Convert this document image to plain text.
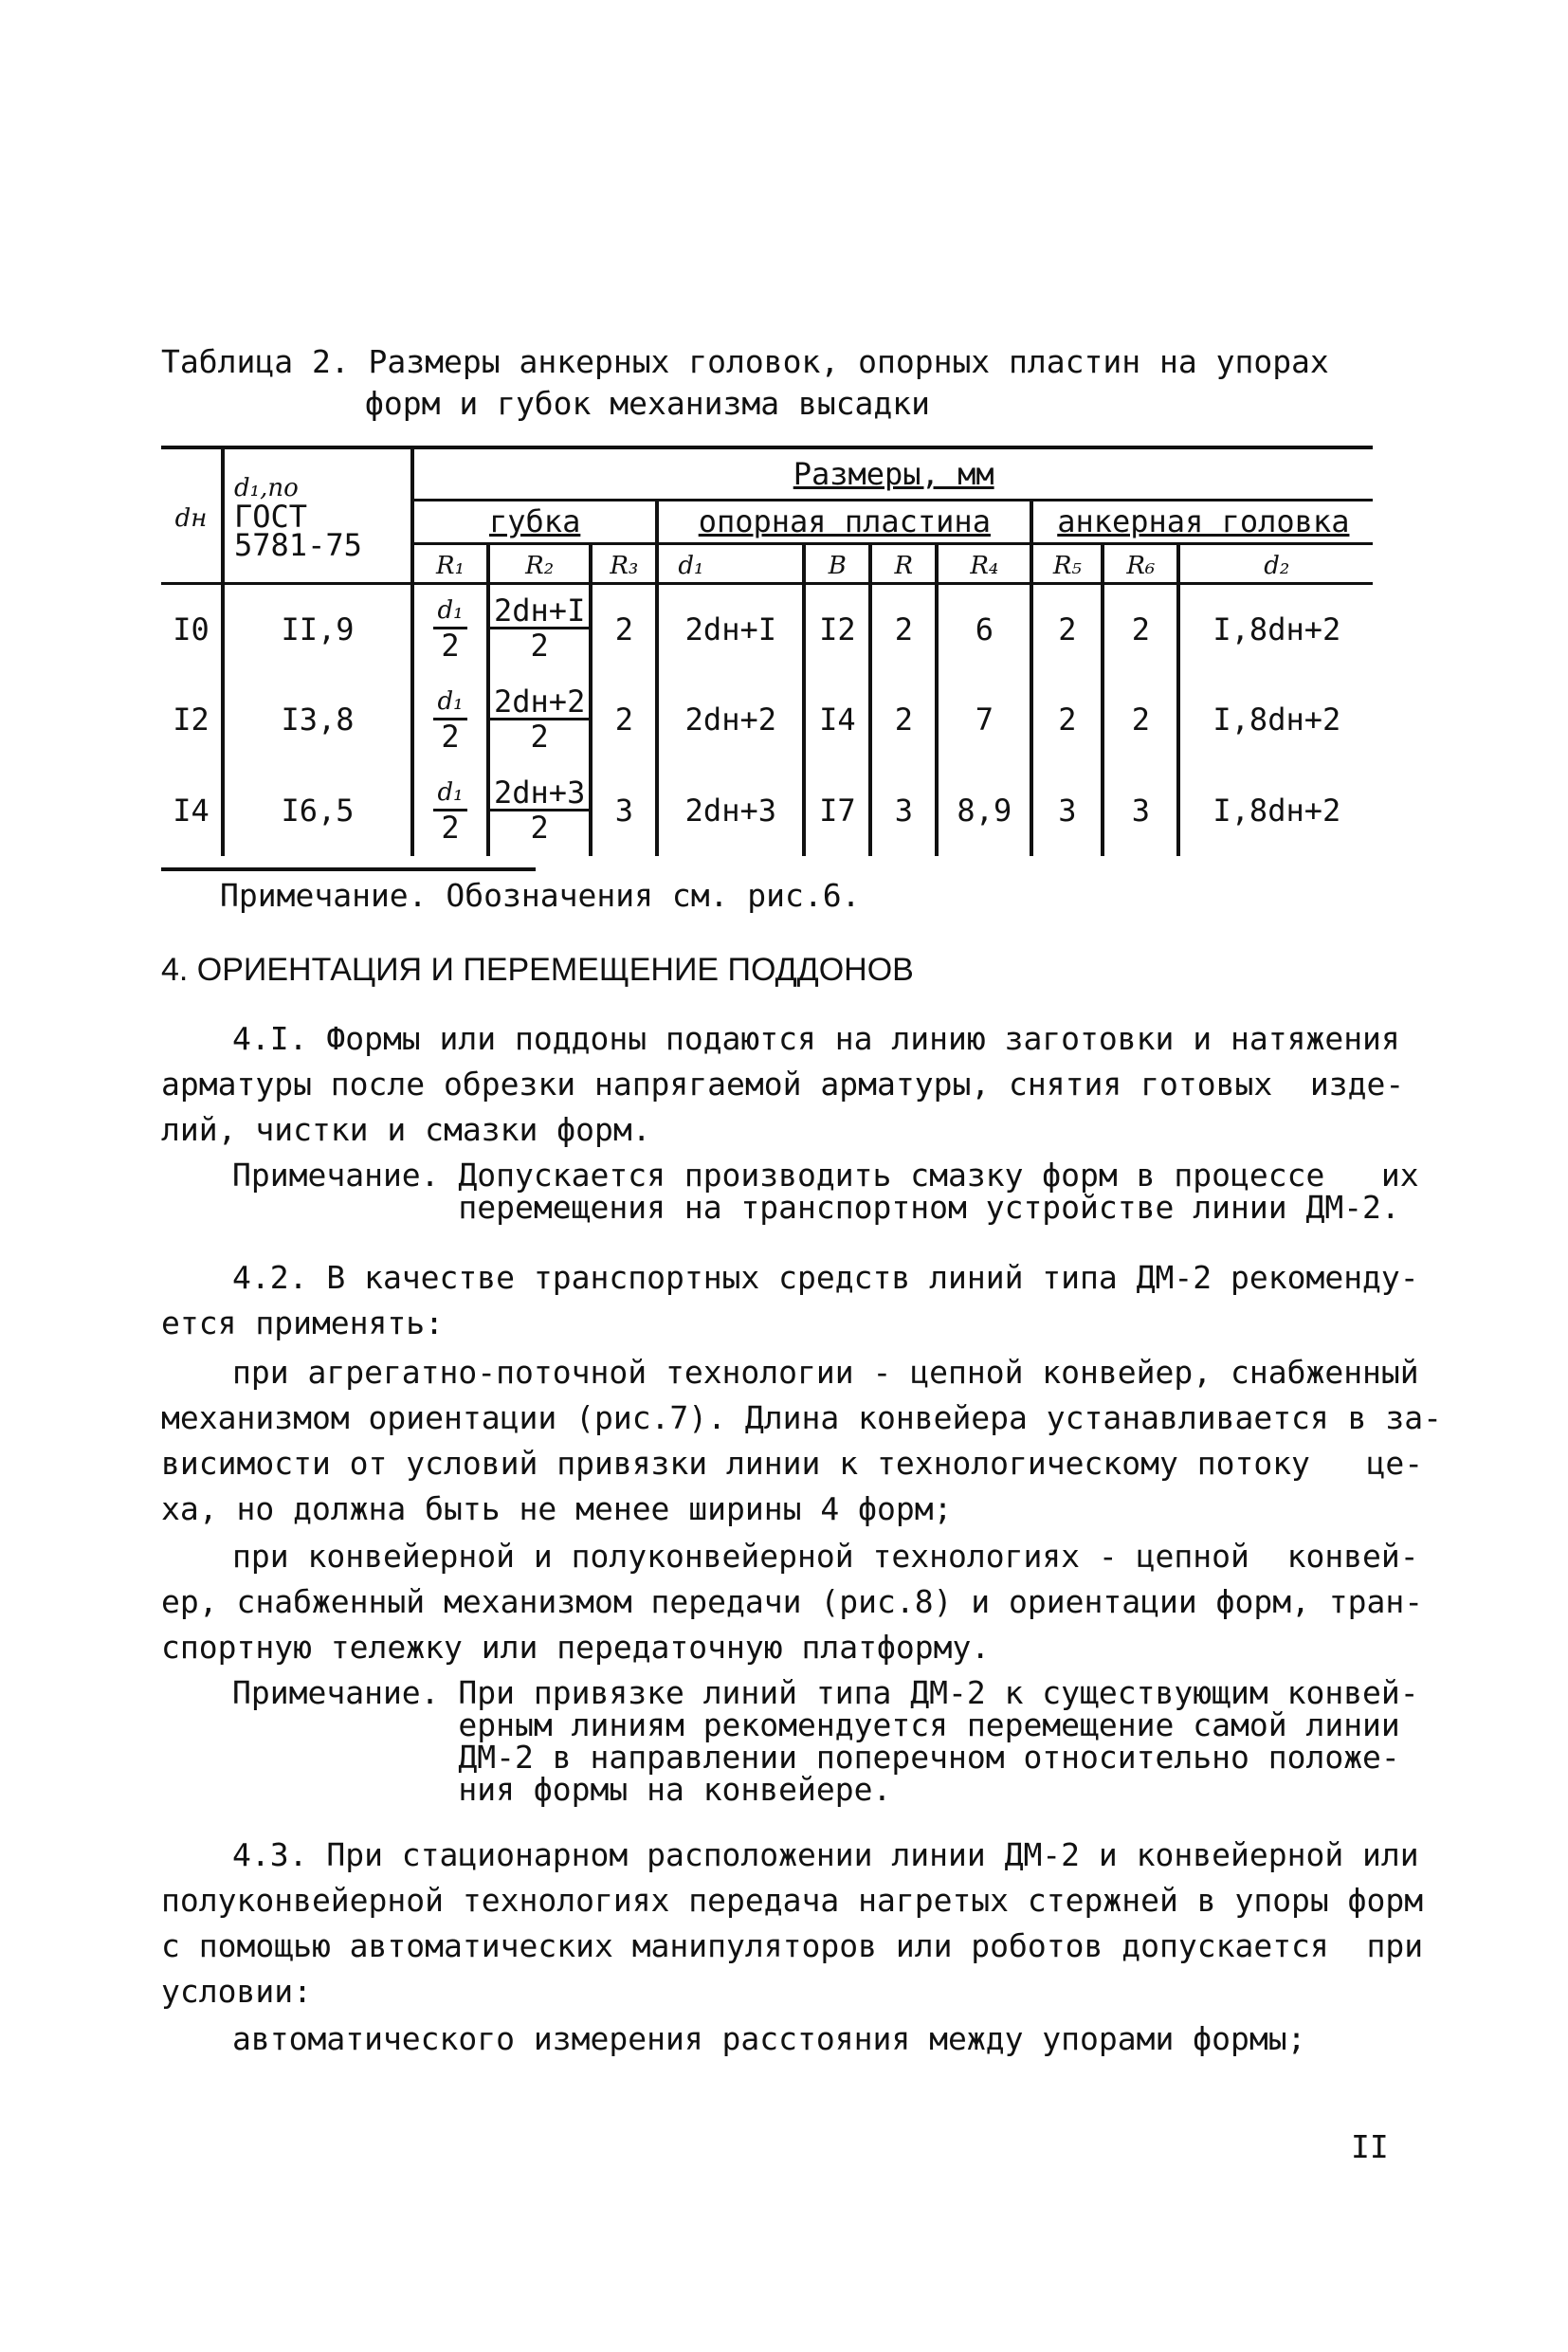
Таблица 2. Размеры анкерных головок, опорных пластин на упорах
форм и губок механизма высадки
dн	d₁,по
ГОСТ
5781-75	Размеры, мм									
		губка			опорная пластина				анкерная головка		
		R₁	R₂	R₃	d₁	B	R	R₄	R₅	R₆	d₂
I0	II,9	$\frac{\text{d₁}}{2}$	$\frac{2dн+I}{2}$	2	2dн+I	I2	2	6	2	2	I,8dн+2
I2	I3,8	$\frac{\text{d₁}}{2}$	$\frac{2dн+2}{2}$	2	2dн+2	I4	2	7	2	2	I,8dн+2
I4	I6,5	$\frac{\text{d₁}}{2}$	$\frac{2dн+3}{2}$	3	2dн+3	I7	3	8,9	3	3	I,8dн+2
Примечание. Обозначения см. рис.6.
4. ОРИЕНТАЦИЯ И ПЕРЕМЕЩЕНИЕ ПОДДОНОВ
4.I. Формы или поддоны подаются на линию заготовки и натяжения
арматуры после обрезки напрягаемой арматуры, снятия готовых  изде-
лий, чистки и смазки форм.
Примечание. Допускается производить смазку форм в процессе   их
перемещения на транспортном устройстве линии ДМ-2.
4.2. В качестве транспортных средств линий типа ДМ-2 рекоменду-
ется применять:
при агрегатно-поточной технологии - цепной конвейер, снабженный
механизмом ориентации (рис.7). Длина конвейера устанавливается в за-
висимости от условий привязки линии к технологическому потоку   це-
ха, но должна быть не менее ширины 4 форм;
при конвейерной и полуконвейерной технологиях - цепной  конвей-
ер, снабженный механизмом передачи (рис.8) и ориентации форм, тран-
спортную тележку или передаточную платформу.
Примечание. При привязке линий типа ДМ-2 к существующим конвей-
ерным линиям рекомендуется перемещение самой линии
ДМ-2 в направлении поперечном относительно положе-
ния формы на конвейере.
4.3. При стационарном расположении линии ДМ-2 и конвейерной или
полуконвейерной технологиях передача нагретых стержней в упоры форм
с помощью автоматических манипуляторов или роботов допускается  при
условии:
автоматического измерения расстояния между упорами формы;
II
